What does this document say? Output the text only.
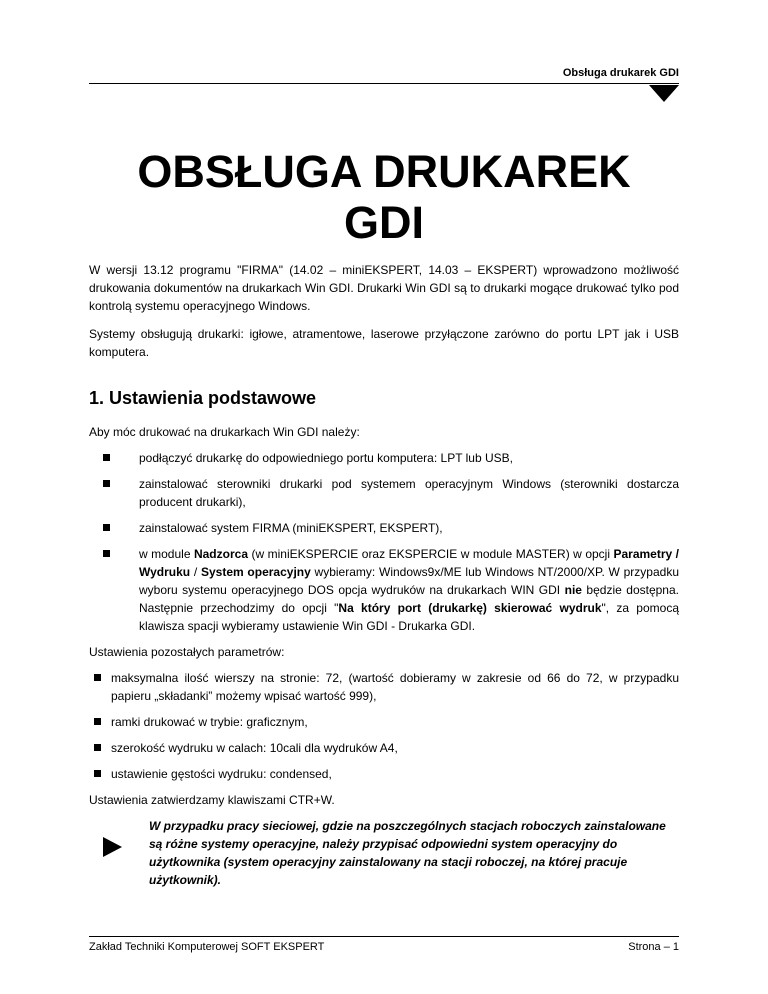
Obsługa drukarek GDI
OBSŁUGA DRUKAREK
GDI

W wersji 13.12 programu "FIRMA" (14.02 – miniEKSPERT, 14.03 – EKSPERT) wprowadzono możliwość drukowania dokumentów na drukarkach Win GDI. Drukarki Win GDI są to drukarki mogące drukować tylko pod kontrolą systemu operacyjnego Windows.

Systemy obsługują drukarki: igłowe, atramentowe, laserowe przyłączone zarówno do portu LPT jak i USB komputera.

1. Ustawienia podstawowe

Aby móc drukować na drukarkach Win GDI należy:

podłączyć drukarkę do odpowiedniego portu komputera: LPT lub USB,
zainstalować sterowniki drukarki pod systemem operacyjnym Windows (sterowniki dostarcza producent drukarki),
zainstalować system FIRMA (miniEKSPERT, EKSPERT),
w module Nadzorca (w miniEKSPERCIE oraz EKSPERCIE w module MASTER) w opcji Parametry / Wydruku / System operacyjny wybieramy: Windows9x/ME lub Windows NT/2000/XP. W przypadku wyboru systemu operacyjnego DOS opcja wydruków na drukarkach WIN GDI nie będzie dostępna. Następnie przechodzimy do opcji "Na który port (drukarkę) skierować wydruk", za pomocą klawisza spacji wybieramy ustawienie Win GDI - Drukarka GDI.

Ustawienia pozostałych parametrów:

maksymalna ilość wierszy na stronie: 72, (wartość dobieramy w zakresie od 66 do 72, w przypadku papieru „składanki” możemy wpisać wartość 999),
ramki drukować w trybie: graficznym,
szerokość wydruku w calach: 10cali dla wydruków A4,
ustawienie gęstości wydruku: condensed,

Ustawienia zatwierdzamy klawiszami CTR+W.

W przypadku pracy sieciowej, gdzie na poszczególnych stacjach roboczych zainstalowane są różne systemy operacyjne, należy przypisać odpowiedni system operacyjny do użytkownika (system operacyjny zainstalowany na stacji roboczej, na której pracuje użytkownik).
Zakład Techniki Komputerowej SOFT EKSPERT	Strona – 1
